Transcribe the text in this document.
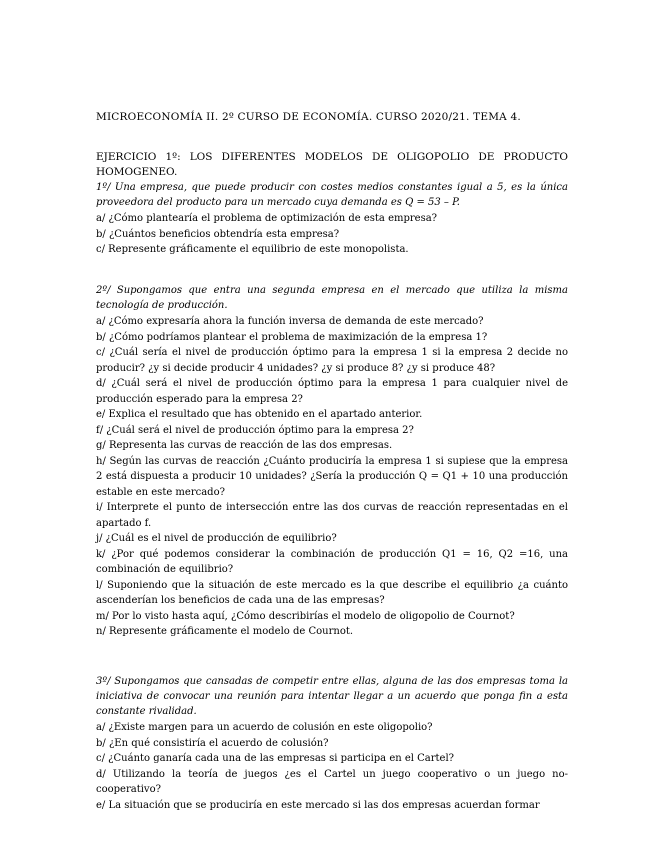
MICROECONOMÍA II. 2º CURSO DE ECONOMÍA. CURSO 2020/21. TEMA 4.
EJERCICIO 1º: LOS DIFERENTES MODELOS DE OLIGOPOLIO DE PRODUCTO HOMOGENEO.
1º/ Una empresa, que puede producir con costes medios constantes igual a 5, es la única proveedora del producto para un mercado cuya demanda es Q = 53 – P.
a/ ¿Cómo plantearía el problema de optimización de esta empresa?
b/ ¿Cuántos beneficios obtendría esta empresa?
c/ Represente gráficamente el equilibrio de este monopolista.
2º/ Supongamos que entra una segunda empresa en el mercado que utiliza la misma tecnología de producción.
a/ ¿Cómo expresaría ahora la función inversa de demanda de este mercado?
b/ ¿Cómo podríamos plantear el problema de maximización de la empresa 1?
c/ ¿Cuál sería el nivel de producción óptimo para la empresa 1 si la empresa 2 decide no producir? ¿y si decide producir 4 unidades? ¿y si produce 8? ¿y si produce 48?
d/ ¿Cuál será el nivel de producción óptimo para la empresa 1 para cualquier nivel de producción esperado para la empresa 2?
e/ Explica el resultado que has obtenido en el apartado anterior.
f/ ¿Cuál será el nivel de producción óptimo para la empresa 2?
g/ Representa las curvas de reacción de las dos empresas.
h/ Según las curvas de reacción ¿Cuánto produciría la empresa 1 si supiese que la empresa 2 está dispuesta a producir 10 unidades? ¿Sería la producción Q = Q1 + 10 una producción estable en este mercado?
i/ Interprete el punto de intersección entre las dos curvas de reacción representadas en el apartado f.
j/ ¿Cuál es el nivel de producción de equilibrio?
k/ ¿Por qué podemos considerar la combinación de producción Q1 = 16, Q2 =16, una combinación de equilibrio?
l/ Suponiendo que la situación de este mercado es la que describe el equilibrio ¿a cuánto ascenderían los beneficios de cada una de las empresas?
m/ Por lo visto hasta aquí, ¿Cómo describirías el modelo de oligopolio de Cournot?
n/ Represente gráficamente el modelo de Cournot.
3º/ Supongamos que cansadas de competir entre ellas, alguna de las dos empresas toma la iniciativa de convocar una reunión para intentar llegar a un acuerdo que ponga fin a esta constante rivalidad.
a/ ¿Existe margen para un acuerdo de colusión en este oligopolio?
b/ ¿En qué consistiría el acuerdo de colusión?
c/ ¿Cuánto ganaría cada una de las empresas si participa en el Cartel?
d/ Utilizando la teoría de juegos ¿es el Cartel un juego cooperativo o un juego no-cooperativo?
e/ La situación que se produciría en este mercado si las dos empresas acuerdan formar
